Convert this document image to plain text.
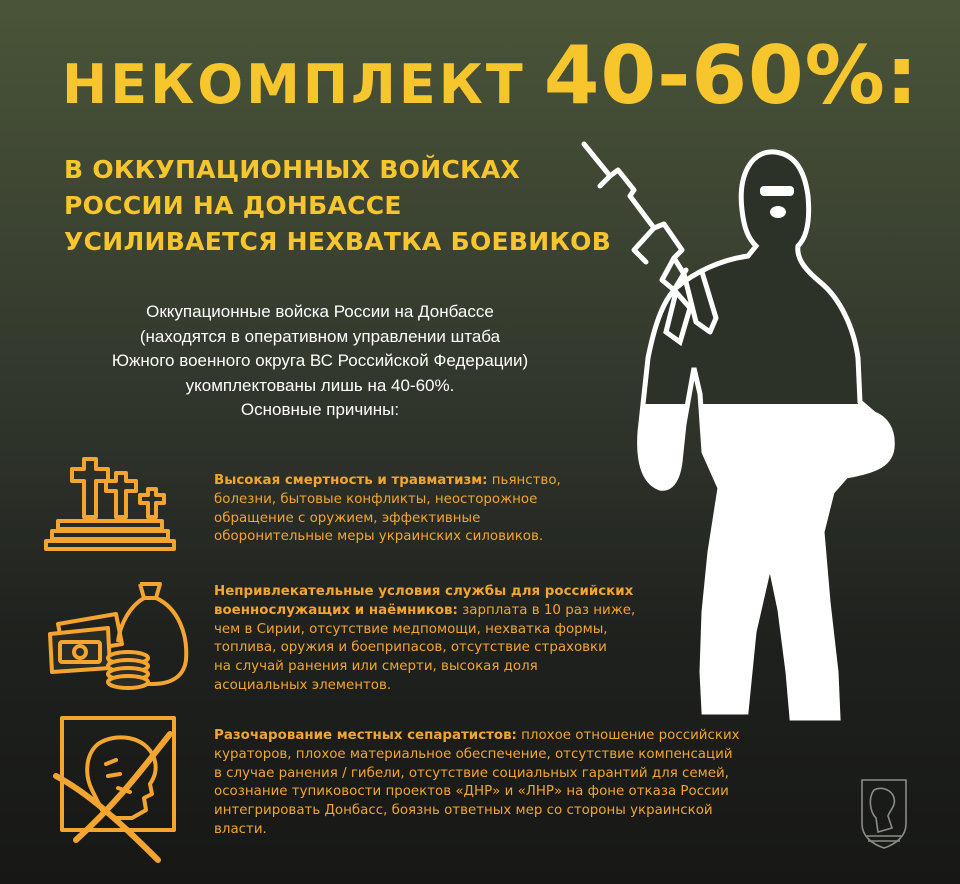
НЕКОМПЛЕКТ 40-60%:
В ОККУПАЦИОННЫХ ВОЙСКАХ
РОССИИ НА ДОНБАССЕ
УСИЛИВАЕТСЯ НЕХВАТКА БОЕВИКОВ
Оккупационные войска России на Донбассе
(находятся в оперативном управлении штаба
Южного военного округа ВС Российской Федерации)
укомплектованы лишь на 40-60%.
Основные причины:
Высокая смертность и травматизм: пьянство,
болезни, бытовые конфликты, неосторожное
обращение с оружием, эффективные
оборонительные меры украинских силовиков.
Непривлекательные условия службы для российских
военнослужащих и наёмников: зарплата в 10 раз ниже,
чем в Сирии, отсутствие медпомощи, нехватка формы,
топлива, оружия и боеприпасов, отсутствие страховки
на случай ранения или смерти, высокая доля
асоциальных элементов.
Разочарование местных сепаратистов: плохое отношение российских
кураторов, плохое материальное обеспечение, отсутствие компенсаций
в случае ранения / гибели, отсутствие социальных гарантий для семей,
осознание тупиковости проектов «ДНР» и «ЛНР» на фоне отказа России
интегрировать Донбасс, боязнь ответных мер со стороны украинской
власти.
